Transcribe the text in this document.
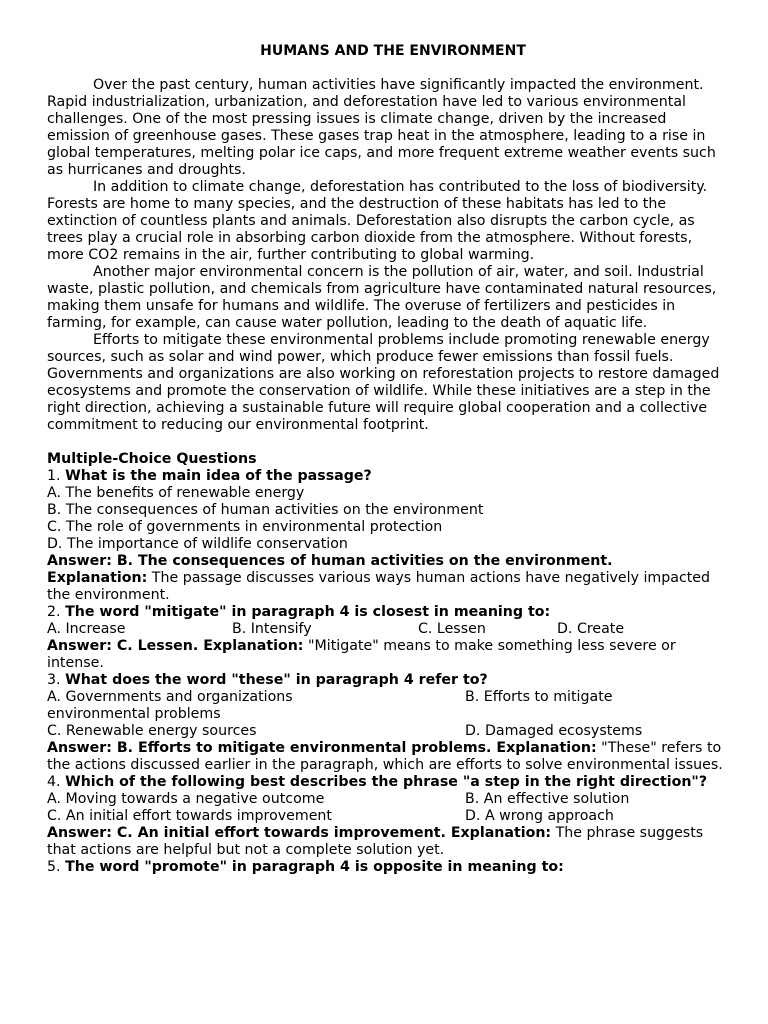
HUMANS AND THE ENVIRONMENT

Over the past century, human activities have significantly impacted the environment. Rapid industrialization, urbanization, and deforestation have led to various environmental challenges. One of the most pressing issues is climate change, driven by the increased emission of greenhouse gases. These gases trap heat in the atmosphere, leading to a rise in global temperatures, melting polar ice caps, and more frequent extreme weather events such as hurricanes and droughts.

In addition to climate change, deforestation has contributed to the loss of biodiversity. Forests are home to many species, and the destruction of these habitats has led to the extinction of countless plants and animals. Deforestation also disrupts the carbon cycle, as trees play a crucial role in absorbing carbon dioxide from the atmosphere. Without forests, more CO2 remains in the air, further contributing to global warming.

Another major environmental concern is the pollution of air, water, and soil. Industrial waste, plastic pollution, and chemicals from agriculture have contaminated natural resources, making them unsafe for humans and wildlife. The overuse of fertilizers and pesticides in farming, for example, can cause water pollution, leading to the death of aquatic life.

Efforts to mitigate these environmental problems include promoting renewable energy sources, such as solar and wind power, which produce fewer emissions than fossil fuels. Governments and organizations are also working on reforestation projects to restore damaged ecosystems and promote the conservation of wildlife. While these initiatives are a step in the right direction, achieving a sustainable future will require global cooperation and a collective commitment to reducing our environmental footprint.

Multiple-Choice Questions
1. What is the main idea of the passage?
A. The benefits of renewable energy
B. The consequences of human activities on the environment
C. The role of governments in environmental protection
D. The importance of wildlife conservation
Answer: B. The consequences of human activities on the environment.
Explanation: The passage discusses various ways human actions have negatively impacted the environment.
2. The word "mitigate" in paragraph 4 is closest in meaning to:
A. Increase	B. Intensify	C. Lessen	D. Create
Answer: C. Lessen. Explanation: "Mitigate" means to make something less severe or intense.
3. What does the word "these" in paragraph 4 refer to?
A. Governments and organizations	B. Efforts to mitigate
environmental problems
C. Renewable energy sources	D. Damaged ecosystems
Answer: B. Efforts to mitigate environmental problems. Explanation: "These" refers to the actions discussed earlier in the paragraph, which are efforts to solve environmental issues.
4. Which of the following best describes the phrase "a step in the right direction"?
A. Moving towards a negative outcome	B. An effective solution
C. An initial effort towards improvement	D. A wrong approach
Answer: C. An initial effort towards improvement. Explanation: The phrase suggests that actions are helpful but not a complete solution yet.
5. The word "promote" in paragraph 4 is opposite in meaning to:
